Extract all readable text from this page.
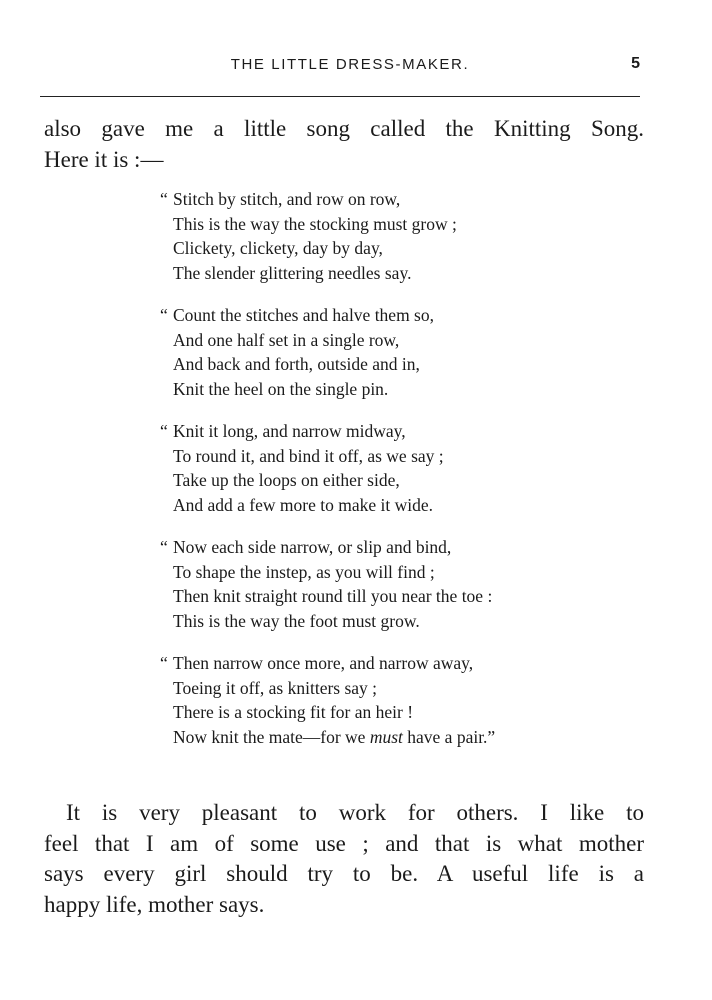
THE LITTLE DRESS-MAKER.	5

also gave me a little song called the Knitting Song.
Here it is :—

“ Stitch by stitch, and row on row,
This is the way the stocking must grow ;
Clickety, clickety, day by day,
The slender glittering needles say.
“ Count the stitches and halve them so,
And one half set in a single row,
And back and forth, outside and in,
Knit the heel on the single pin.
“ Knit it long, and narrow midway,
To round it, and bind it off, as we say ;
Take up the loops on either side,
And add a few more to make it wide.
“ Now each side narrow, or slip and bind,
To shape the instep, as you will find ;
Then knit straight round till you near the toe :
This is the way the foot must grow.
“ Then narrow once more, and narrow away,
Toeing it off, as knitters say ;
There is a stocking fit for an heir !
Now knit the mate—for we must have a pair.”

It is very pleasant to work for others. I like to
feel that I am of some use ; and that is what mother
says every girl should try to be. A useful life is a
happy life, mother says.
